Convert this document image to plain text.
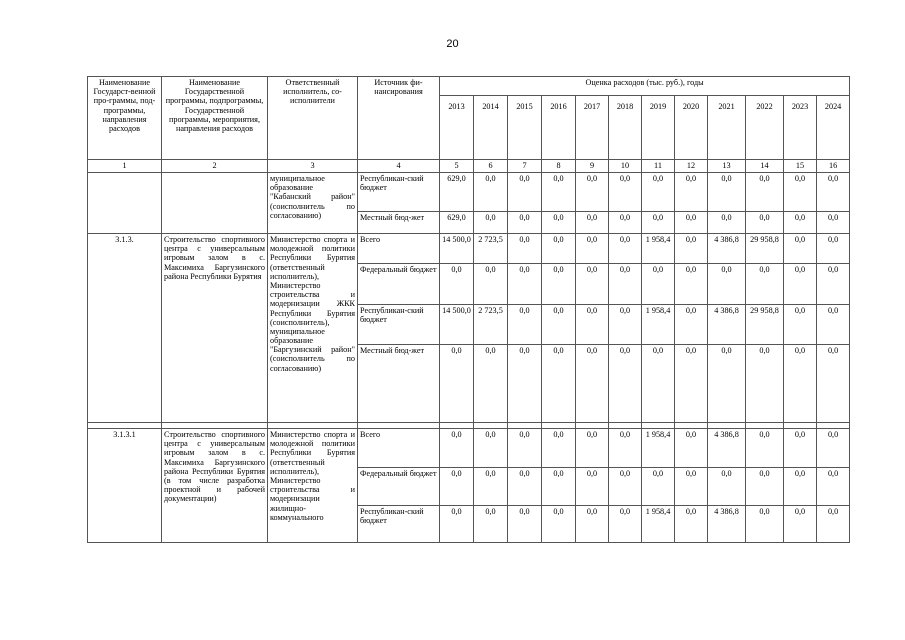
20
Наименование Государст-венной про-граммы, под-программы, направления расходов	Наименование Государственной программы, подпрограммы, Государственной программы, мероприятия, направления расходов	Ответственный исполнитель, со-исполнители	Источник фи-нансирования	Оценка расходов (тыс. руб.), годы											
				2013	2014	2015	2016	2017	2018	2019	2020	2021	2022	2023	2024
1	2	3	4	5	6	7	8	9	10	11	12	13	14	15	16
		муниципальное образование "Кабанский район" (соисполнитель по согласованию)	Республикан-ский бюджет	629,0	0,0	0,0	0,0	0,0	0,0	0,0	0,0	0,0	0,0	0,0	0,0
			Местный бюд-жет	629,0	0,0	0,0	0,0	0,0	0,0	0,0	0,0	0,0	0,0	0,0	0,0
3.1.3.	Строительство спортивного центра с универсальным игровым залом в с. Максимиха Баргузинского района Республики Бурятия	Министерство спорта и молодежной политики Республики Бурятия (ответственный исполнитель), Министерство строительства и модернизации ЖКК Республики Бурятия (соисполнитель), муниципальное образование "Баргузинский район" (соисполнитель по согласованию)	Всего	14 500,0	2 723,5	0,0	0,0	0,0	0,0	1 958,4	0,0	4 386,8	29 958,8	0,0	0,0
			Федеральный бюджет	0,0	0,0	0,0	0,0	0,0	0,0	0,0	0,0	0,0	0,0	0,0	0,0
			Республикан-ский бюджет	14 500,0	2 723,5	0,0	0,0	0,0	0,0	1 958,4	0,0	4 386,8	29 958,8	0,0	0,0
			Местный бюд-жет	0,0	0,0	0,0	0,0	0,0	0,0	0,0	0,0	0,0	0,0	0,0	0,0

3.1.3.1	Строительство спортивного центра с универсальным игровым залом в с. Максимиха Баргузинского района Республики Бурятия (в том числе разработка проектной и рабочей документации)	Министерство спорта и молодежной политики Республики Бурятия (ответственный исполнитель), Министерство строительства и модернизации жилищно-коммунального	Всего	0,0	0,0	0,0	0,0	0,0	0,0	1 958,4	0,0	4 386,8	0,0	0,0	0,0
			Федеральный бюджет	0,0	0,0	0,0	0,0	0,0	0,0	0,0	0,0	0,0	0,0	0,0	0,0
			Республикан-ский бюджет	0,0	0,0	0,0	0,0	0,0	0,0	1 958,4	0,0	4 386,8	0,0	0,0	0,0
